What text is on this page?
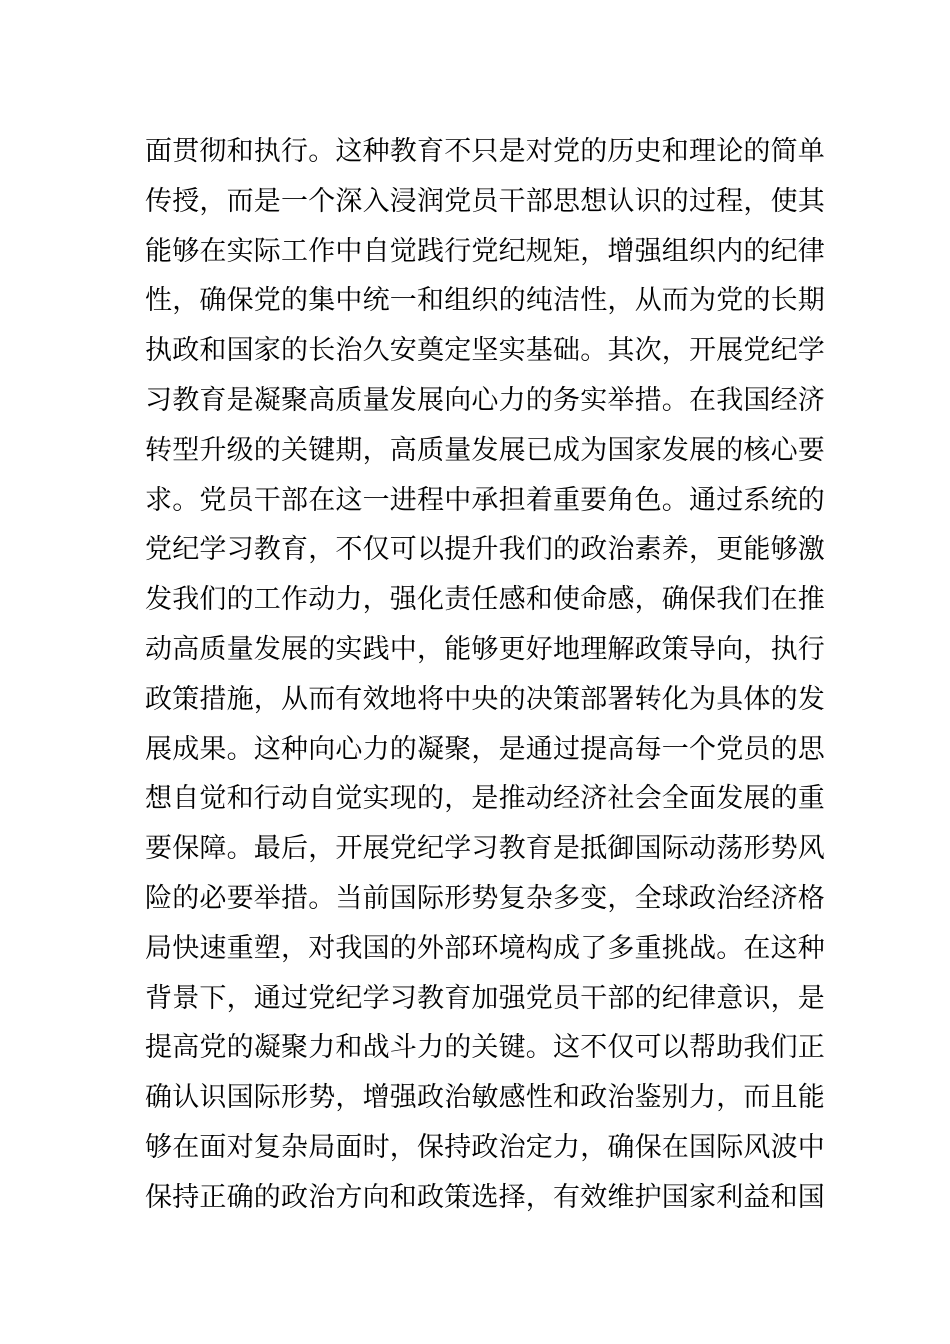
面贯彻和执行。这种教育不只是对党的历史和理论的简单
传授，而是一个深入浸润党员干部思想认识的过程，使其
能够在实际工作中自觉践行党纪规矩，增强组织内的纪律
性，确保党的集中统一和组织的纯洁性，从而为党的长期
执政和国家的长治久安奠定坚实基础。其次，开展党纪学
习教育是凝聚高质量发展向心力的务实举措。在我国经济
转型升级的关键期，高质量发展已成为国家发展的核心要
求。党员干部在这一进程中承担着重要角色。通过系统的
党纪学习教育，不仅可以提升我们的政治素养，更能够激
发我们的工作动力，强化责任感和使命感，确保我们在推
动高质量发展的实践中，能够更好地理解政策导向，执行
政策措施，从而有效地将中央的决策部署转化为具体的发
展成果。这种向心力的凝聚，是通过提高每一个党员的思
想自觉和行动自觉实现的，是推动经济社会全面发展的重
要保障。最后，开展党纪学习教育是抵御国际动荡形势风
险的必要举措。当前国际形势复杂多变，全球政治经济格
局快速重塑，对我国的外部环境构成了多重挑战。在这种
背景下，通过党纪学习教育加强党员干部的纪律意识，是
提高党的凝聚力和战斗力的关键。这不仅可以帮助我们正
确认识国际形势，增强政治敏感性和政治鉴别力，而且能
够在面对复杂局面时，保持政治定力，确保在国际风波中
保持正确的政治方向和政策选择，有效维护国家利益和国
